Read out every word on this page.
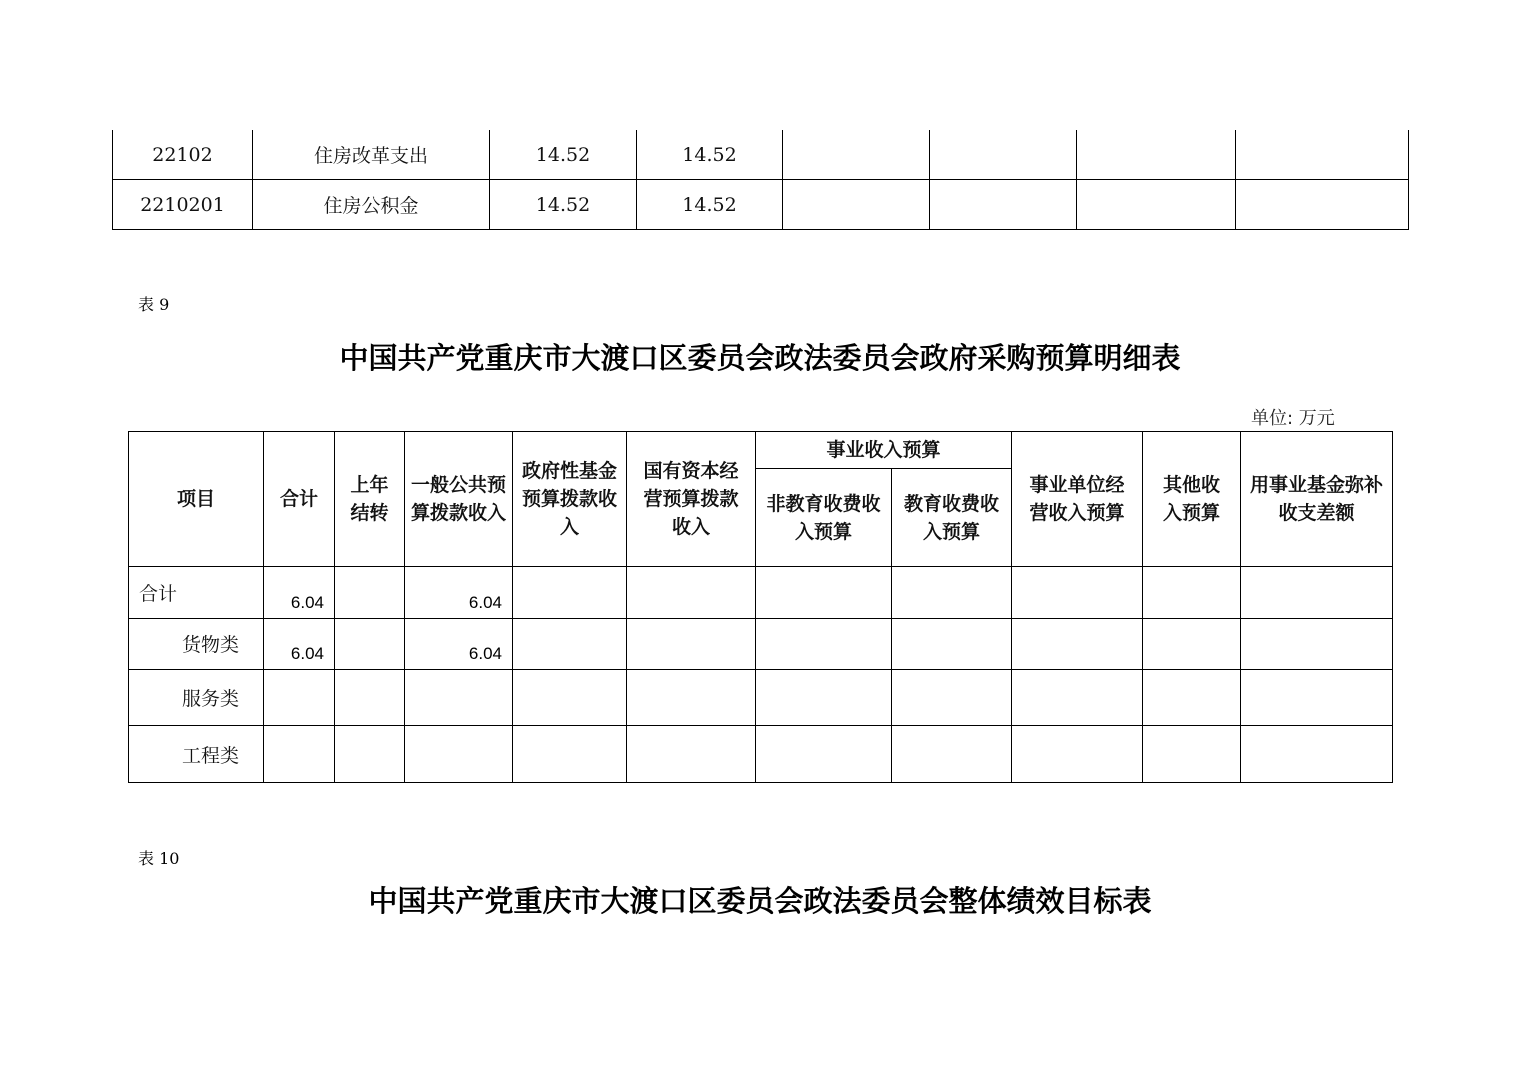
22102	住房改革支出	14.52	14.52				
2210201	住房公积金	14.52	14.52				
表 9
中国共产党重庆市大渡口区委员会政法委员会政府采购预算明细表
单位: 万元
项目	合计	上年结转	一般公共预算拨款收入	政府性基金预算拨款收入	国有资本经营预算拨款收入	事业收入预算		事业单位经营收入预算	其他收入预算	用事业基金弥补收支差额
						非教育收费收入预算	教育收费收入预算			

合计	6.04		6.04							

货物类	6.04		6.04							

服务类										

工程类										

表 10
中国共产党重庆市大渡口区委员会政法委员会整体绩效目标表
